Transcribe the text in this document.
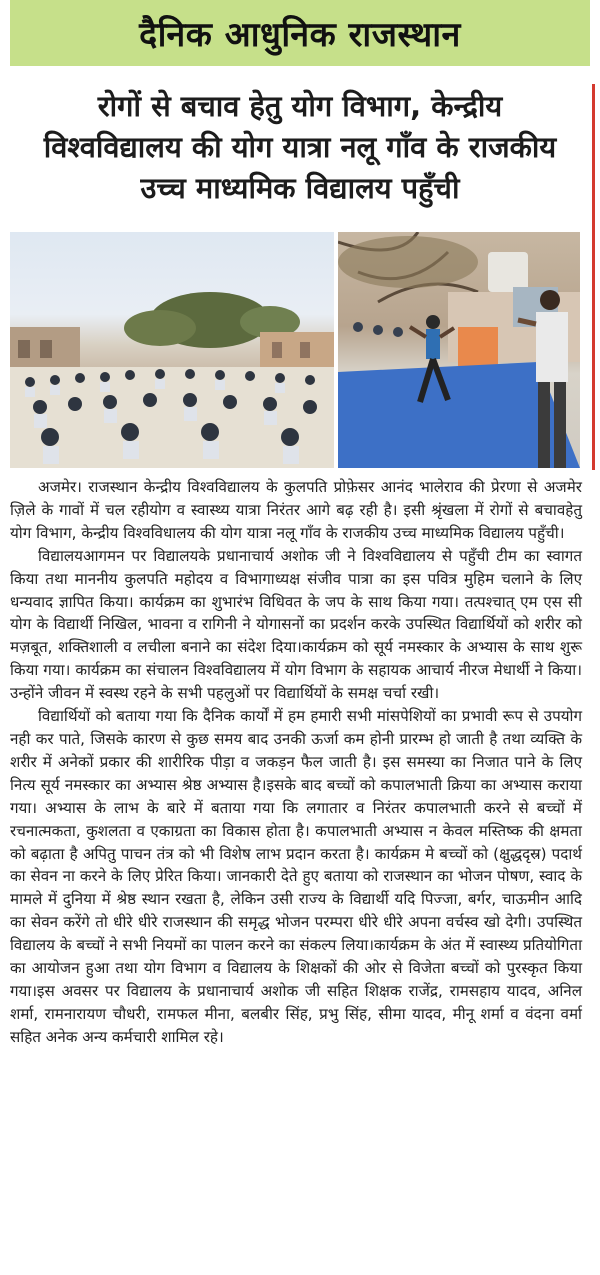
दैनिक आधुनिक राजस्थान
रोगों से बचाव हेतु योग विभाग, केन्द्रीय
विश्वविद्यालय की योग यात्रा नलू गाँव के राजकीय
उच्च माध्यमिक विद्यालय पहुँची

अजमेर। राजस्थान केन्द्रीय विश्वविद्यालय के कुलपति प्रोफ़ेसर आनंद भालेराव की प्रेरणा से अजमेर ज़िले के गावों में चल रहीयोग व स्वास्थ्य यात्रा निरंतर आगे बढ़ रही है। इसी श्रृंखला में रोगों से बचावहेतु योग विभाग, केन्द्रीय विश्वविधालय की योग यात्रा नलू गाँव के राजकीय उच्च माध्यमिक विद्यालय पहुँची।

विद्यालयआगमन पर विद्यालयके प्रधानाचार्य अशोक जी ने विश्वविद्यालय से पहुँची टीम का स्वागत किया तथा माननीय कुलपति महोदय व विभागाध्यक्ष संजीव पात्रा का इस पवित्र मुहिम चलाने के लिए धन्यवाद ज्ञापित किया। कार्यक्रम का शुभारंभ विधिवत के जप के साथ किया गया। तत्पश्चात् एम एस सी योग के विद्यार्थी निखिल, भावना व रागिनी ने योगासनों का प्रदर्शन करके उपस्थित विद्यार्थियों को शरीर को मज़बूत, शक्तिशाली व लचीला बनाने का संदेश दिया।कार्यक्रम को सूर्य नमस्कार के अभ्यास के साथ शुरू किया गया। कार्यक्रम का संचालन विश्वविद्यालय में योग विभाग के सहायक आचार्य नीरज मेधार्थी ने किया। उन्होंने जीवन में स्वस्थ रहने के सभी पहलुओं पर विद्यार्थियों के समक्ष चर्चा रखी।

विद्यार्थियों को बताया गया कि दैनिक कार्यों में हम हमारी सभी मांसपेशियों का प्रभावी रूप से उपयोग नही कर पाते, जिसके कारण से कुछ समय बाद उनकी ऊर्जा कम होनी प्रारम्भ हो जाती है तथा व्यक्ति के शरीर में अनेकों प्रकार की शारीरिक पीड़ा व जकड़न फैल जाती है। इस समस्या का निजात पाने के लिए नित्य सूर्य नमस्कार का अभ्यास श्रेष्ठ अभ्यास है।इसके बाद बच्चों को कपालभाती क्रिया का अभ्यास कराया गया। अभ्यास के लाभ के बारे में बताया गया कि लगातार व निरंतर कपालभाती करने से बच्चों में रचनात्मकता, कुशलता व एकाग्रता का विकास होता है। कपालभाती अभ्यास न केवल मस्तिष्क की क्षमता को बढ़ाता है अपितु पाचन तंत्र को भी विशेष लाभ प्रदान करता है। कार्यक्रम मे बच्चों को (क्षुद्धदृस्र) पदार्थ का सेवन ना करने के लिए प्रेरित किया। जानकारी देते हुए बताया को राजस्थान का भोजन पोषण, स्वाद के मामले में दुनिया में श्रेष्ठ स्थान रखता है, लेकिन उसी राज्य के विद्यार्थी यदि पिज्जा, बर्गर, चाऊमीन आदि का सेवन करेंगे तो धीरे धीरे राजस्थान की समृद्ध भोजन परम्परा धीरे धीरे अपना वर्चस्व खो देगी। उपस्थित विद्यालय के बच्चों ने सभी नियमों का पालन करने का संकल्प लिया।कार्यक्रम के अंत में स्वास्थ्य प्रतियोगिता का आयोजन हुआ तथा योग विभाग व विद्यालय के शिक्षकों की ओर से विजेता बच्चों को पुरस्कृत किया गया।इस अवसर पर विद्यालय के प्रधानाचार्य अशोक जी सहित शिक्षक राजेंद्र, रामसहाय यादव, अनिल शर्मा, रामनारायण चौधरी, रामफल मीना, बलबीर सिंह, प्रभु सिंह, सीमा यादव, मीनू शर्मा व वंदना वर्मा सहित अनेक अन्य कर्मचारी शामिल रहे।
